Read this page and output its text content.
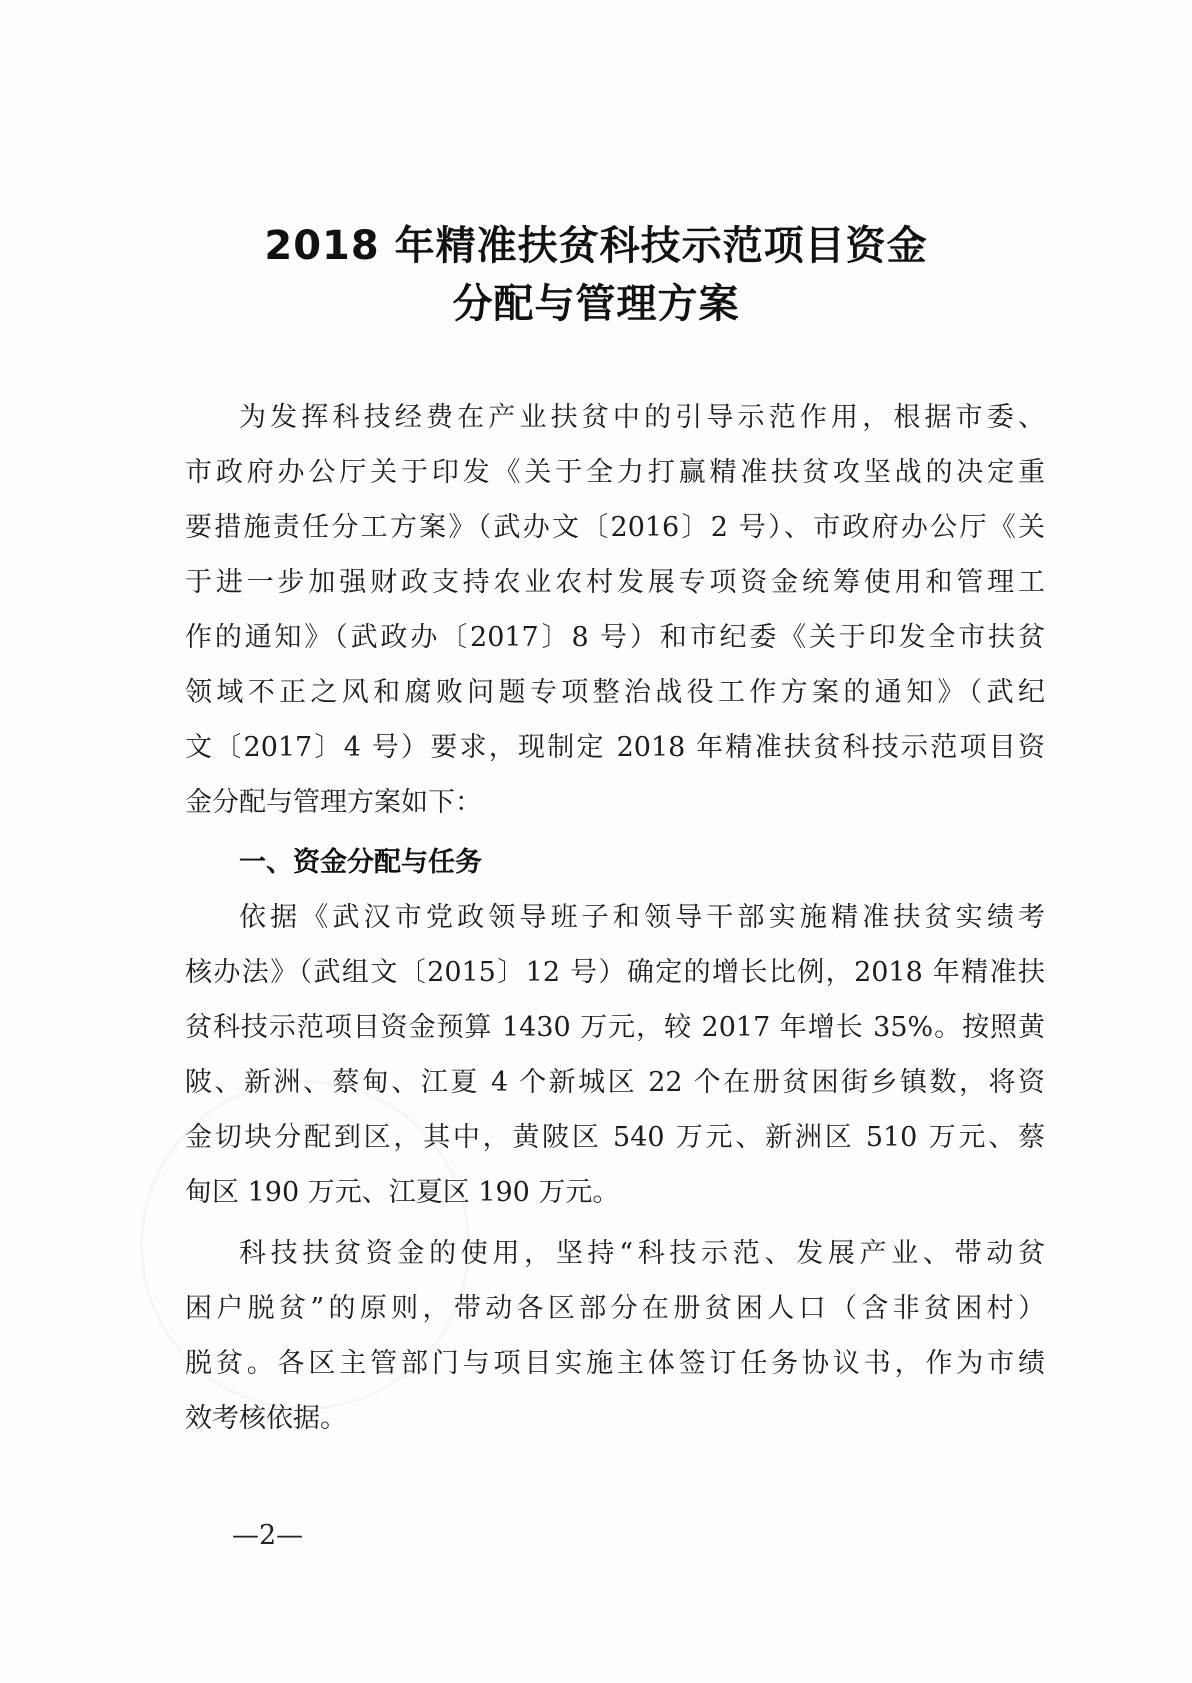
2018 年精准扶贫科技示范项目资金
分配与管理方案
为发挥科技经费在产业扶贫中的引导示范作用，根据市委、
市政府办公厅关于印发《关于全力打赢精准扶贫攻坚战的决定重
要措施责任分工方案》（武办文〔2016〕2 号）、市政府办公厅《关
于进一步加强财政支持农业农村发展专项资金统筹使用和管理工
作的通知》（武政办〔2017〕8 号）和市纪委《关于印发全市扶贫
领域不正之风和腐败问题专项整治战役工作方案的通知》（武纪
文〔2017〕4 号）要求，现制定 2018 年精准扶贫科技示范项目资
金分配与管理方案如下：
一、资金分配与任务
依据《武汉市党政领导班子和领导干部实施精准扶贫实绩考
核办法》（武组文〔2015〕12 号）确定的增长比例，2018 年精准扶
贫科技示范项目资金预算 1430 万元，较 2017 年增长 35%。按照黄
陂、新洲、蔡甸、江夏 4 个新城区 22 个在册贫困街乡镇数，将资
金切块分配到区，其中，黄陂区 540 万元、新洲区 510 万元、蔡
甸区 190 万元、江夏区 190 万元。
科技扶贫资金的使用，坚持“科技示范、发展产业、带动贫
困户脱贫”的原则，带动各区部分在册贫困人口（含非贫困村）
脱贫。各区主管部门与项目实施主体签订任务协议书，作为市绩
效考核依据。
—2—
